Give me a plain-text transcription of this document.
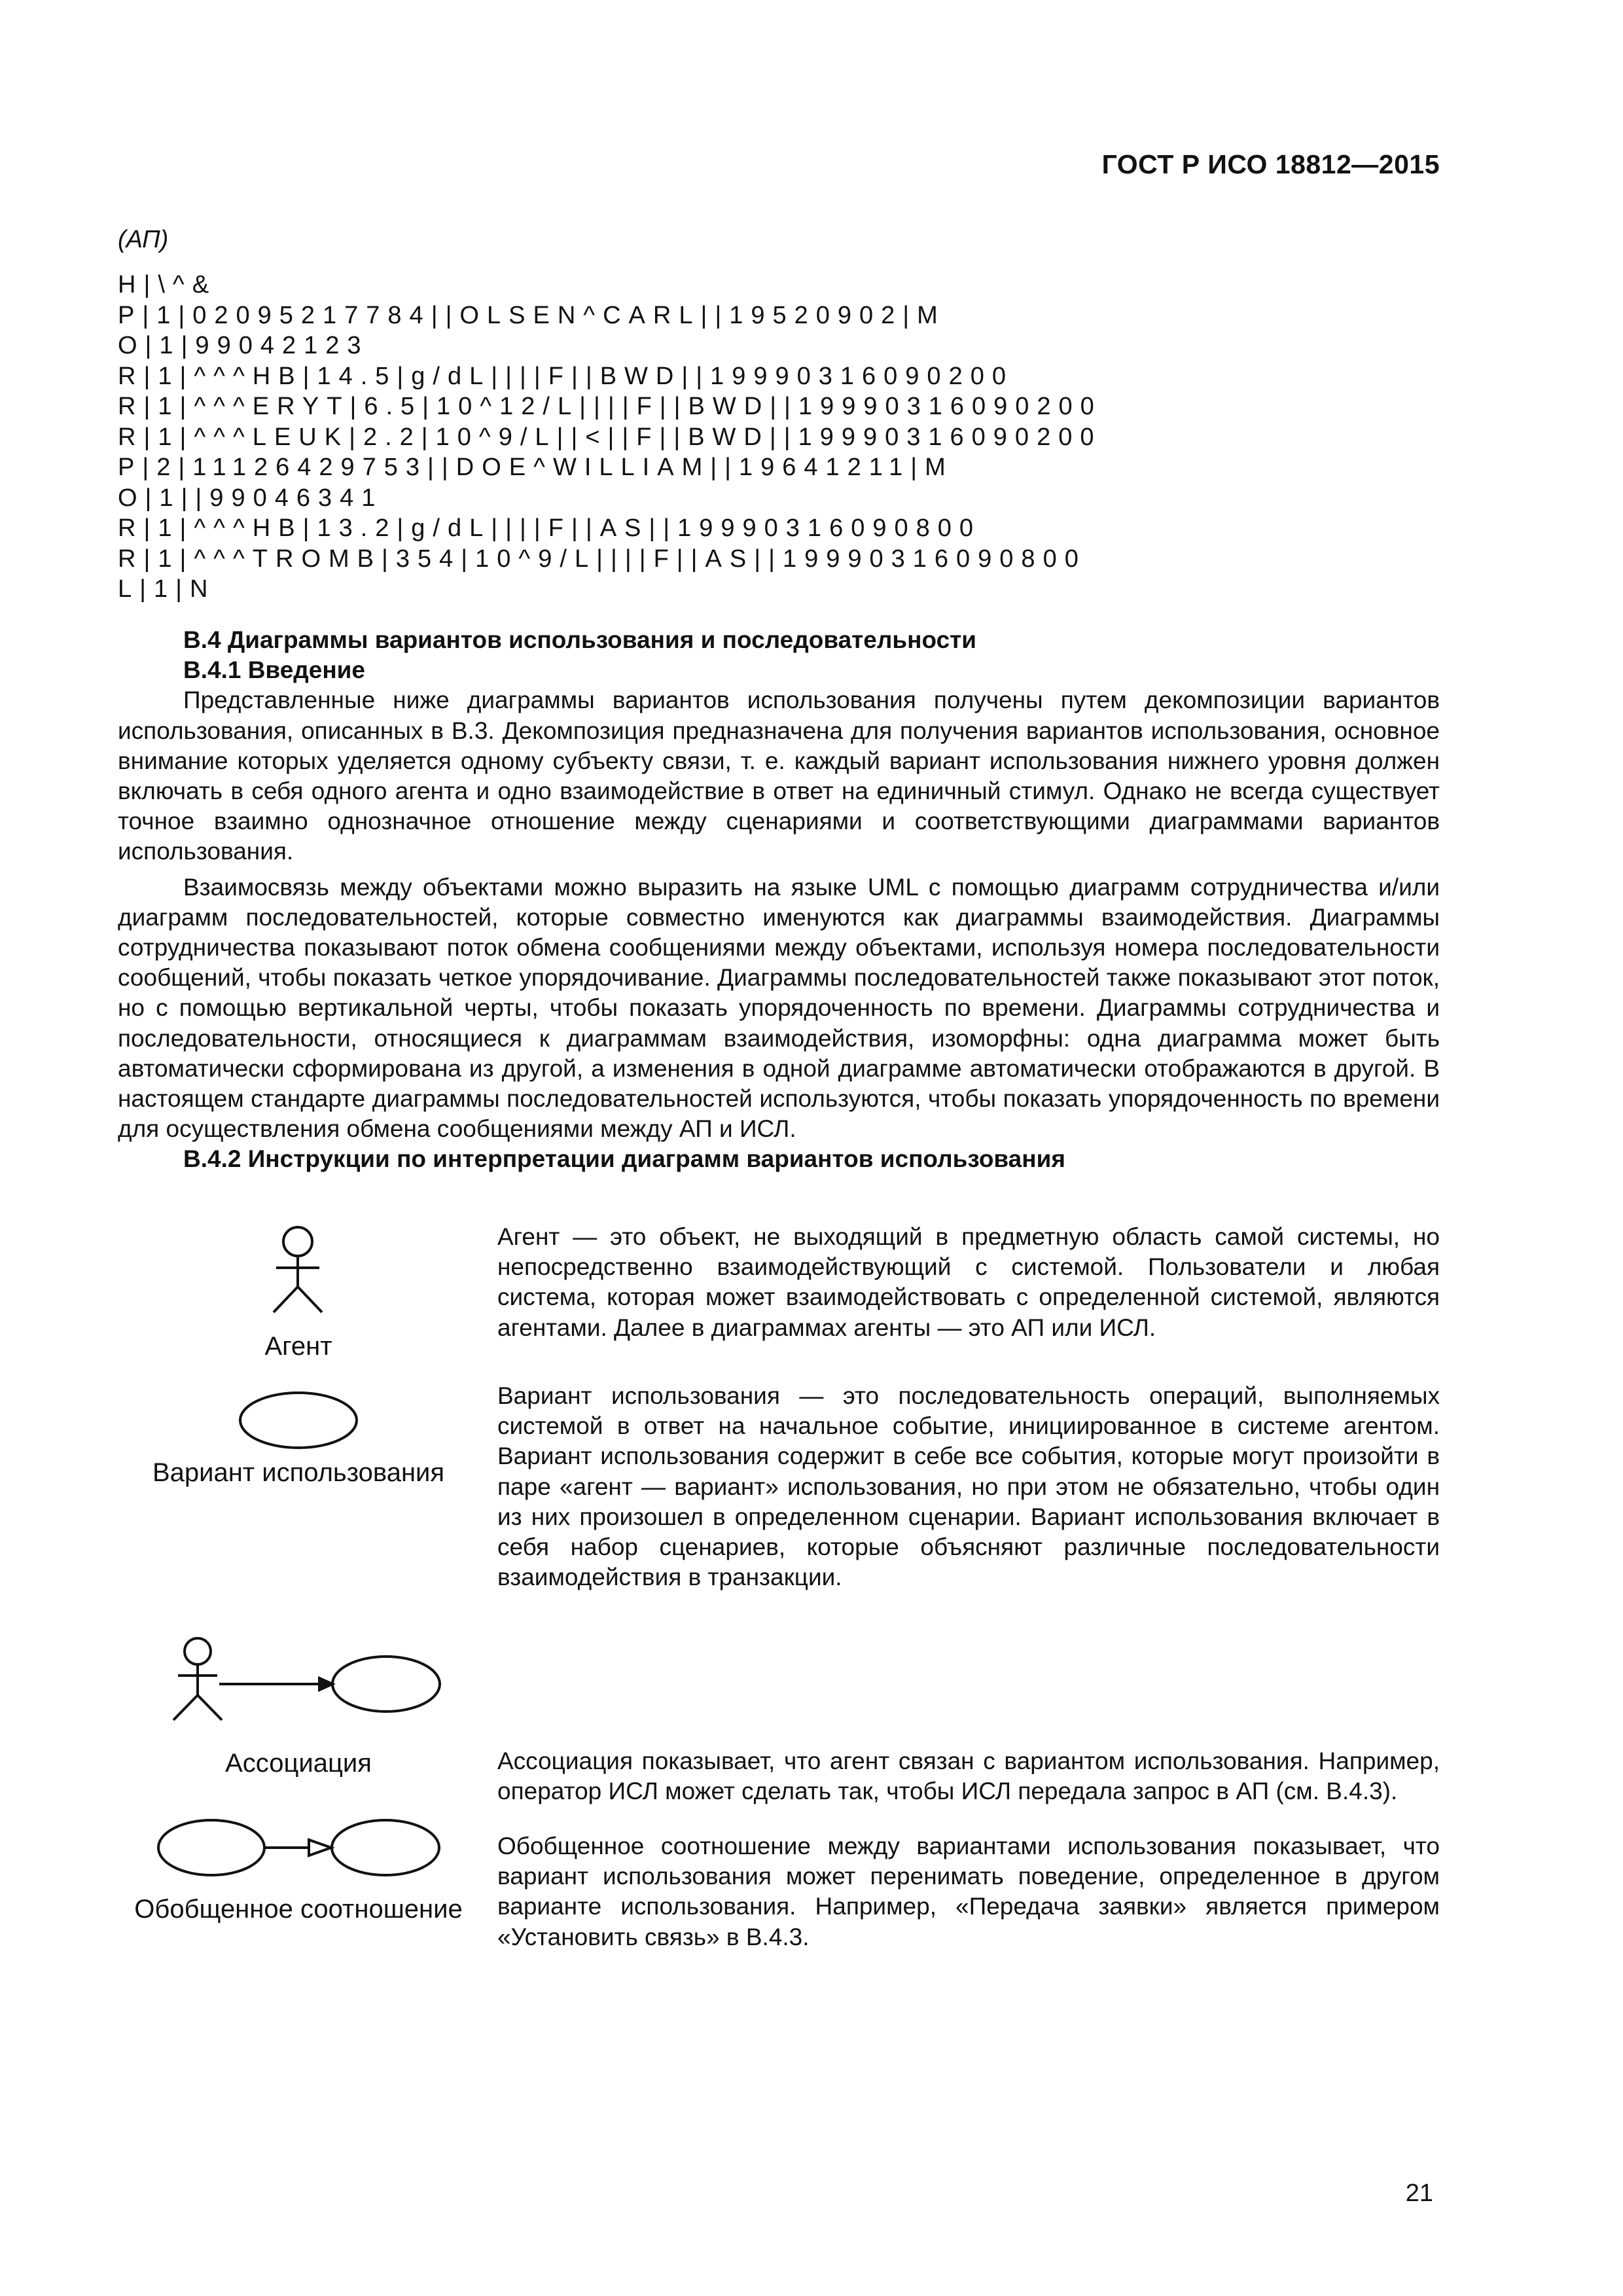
ГОСТ Р ИСО 18812—2015
(АП)
H|\^&
P|1|02095217784||OLSEN^CARL||19520902|M
O|1|99042123
R|1|^^^HB|14.5|g/dL||||F||BWD||19990316090200
R|1|^^^ERYT|6.5|10^12/L||||F||BWD||19990316090200
R|1|^^^LEUK|2.2|10^9/L||<||F||BWD||19990316090200
P|2|11126429753||DOE^WILLIAM||19641211|M
O|1||99046341
R|1|^^^HB|13.2|g/dL||||F||AS||19990316090800
R|1|^^^TROMB|354|10^9/L||||F||AS||19990316090800
L|1|N
В.4 Диаграммы вариантов использования и последовательности
В.4.1 Введение

Представленные ниже диаграммы вариантов использования получены путем декомпозиции вариантов использования, описанных в В.3. Декомпозиция предназначена для получения вариантов использования, основное внимание которых уделяется одному субъекту связи, т. е. каждый вариант использования нижнего уровня должен включать в себя одного агента и одно взаимодействие в ответ на единичный стимул. Однако не всегда существует точное взаимно однозначное отношение между сценариями и соответствующими диаграммами вариантов использования.

Взаимосвязь между объектами можно выразить на языке UML с помощью диаграмм сотрудничества и/или диаграмм последовательностей, которые совместно именуются как диаграммы взаимодействия. Диаграммы сотрудничества показывают поток обмена сообщениями между объектами, используя номера последовательности сообщений, чтобы показать четкое упорядочивание. Диаграммы последовательностей также показывают этот поток, но с помощью вертикальной черты, чтобы показать упорядоченность по времени. Диаграммы сотрудничества и последовательности, относящиеся к диаграммам взаимодействия, изоморфны: одна диаграмма может быть автоматически сформирована из другой, а изменения в одной диаграмме автоматически отображаются в другой. В настоящем стандарте диаграммы последовательностей используются, чтобы показать упорядоченность по времени для осуществления обмена сообщениями между АП и ИСЛ.

В.4.2 Инструкции по интерпретации диаграмм вариантов использования
Агент
Вариант использования
Ассоциация
Обобщенное соотношение
Агент — это объект, не выходящий в предметную область самой системы, но непосредственно взаимодействующий с системой. Пользователи и любая система, которая может взаимодействовать с определенной системой, являются агентами. Далее в диаграммах агенты — это АП или ИСЛ.
Вариант использования — это последовательность операций, выполняемых системой в ответ на начальное событие, инициированное в системе агентом. Вариант использования содержит в себе все события, которые могут произойти в паре «агент — вариант» использования, но при этом не обязательно, чтобы один из них произошел в определенном сценарии. Вариант использования включает в себя набор сценариев, которые объясняют различные последовательности взаимодействия в транзакции.
Ассоциация показывает, что агент связан с вариантом использования. Например, оператор ИСЛ может сделать так, чтобы ИСЛ передала запрос в АП (см. В.4.3).
Обобщенное соотношение между вариантами использования показывает, что вариант использования может перенимать поведение, определенное в другом варианте использования. Например, «Передача заявки» является примером «Установить связь» в В.4.3.
21
